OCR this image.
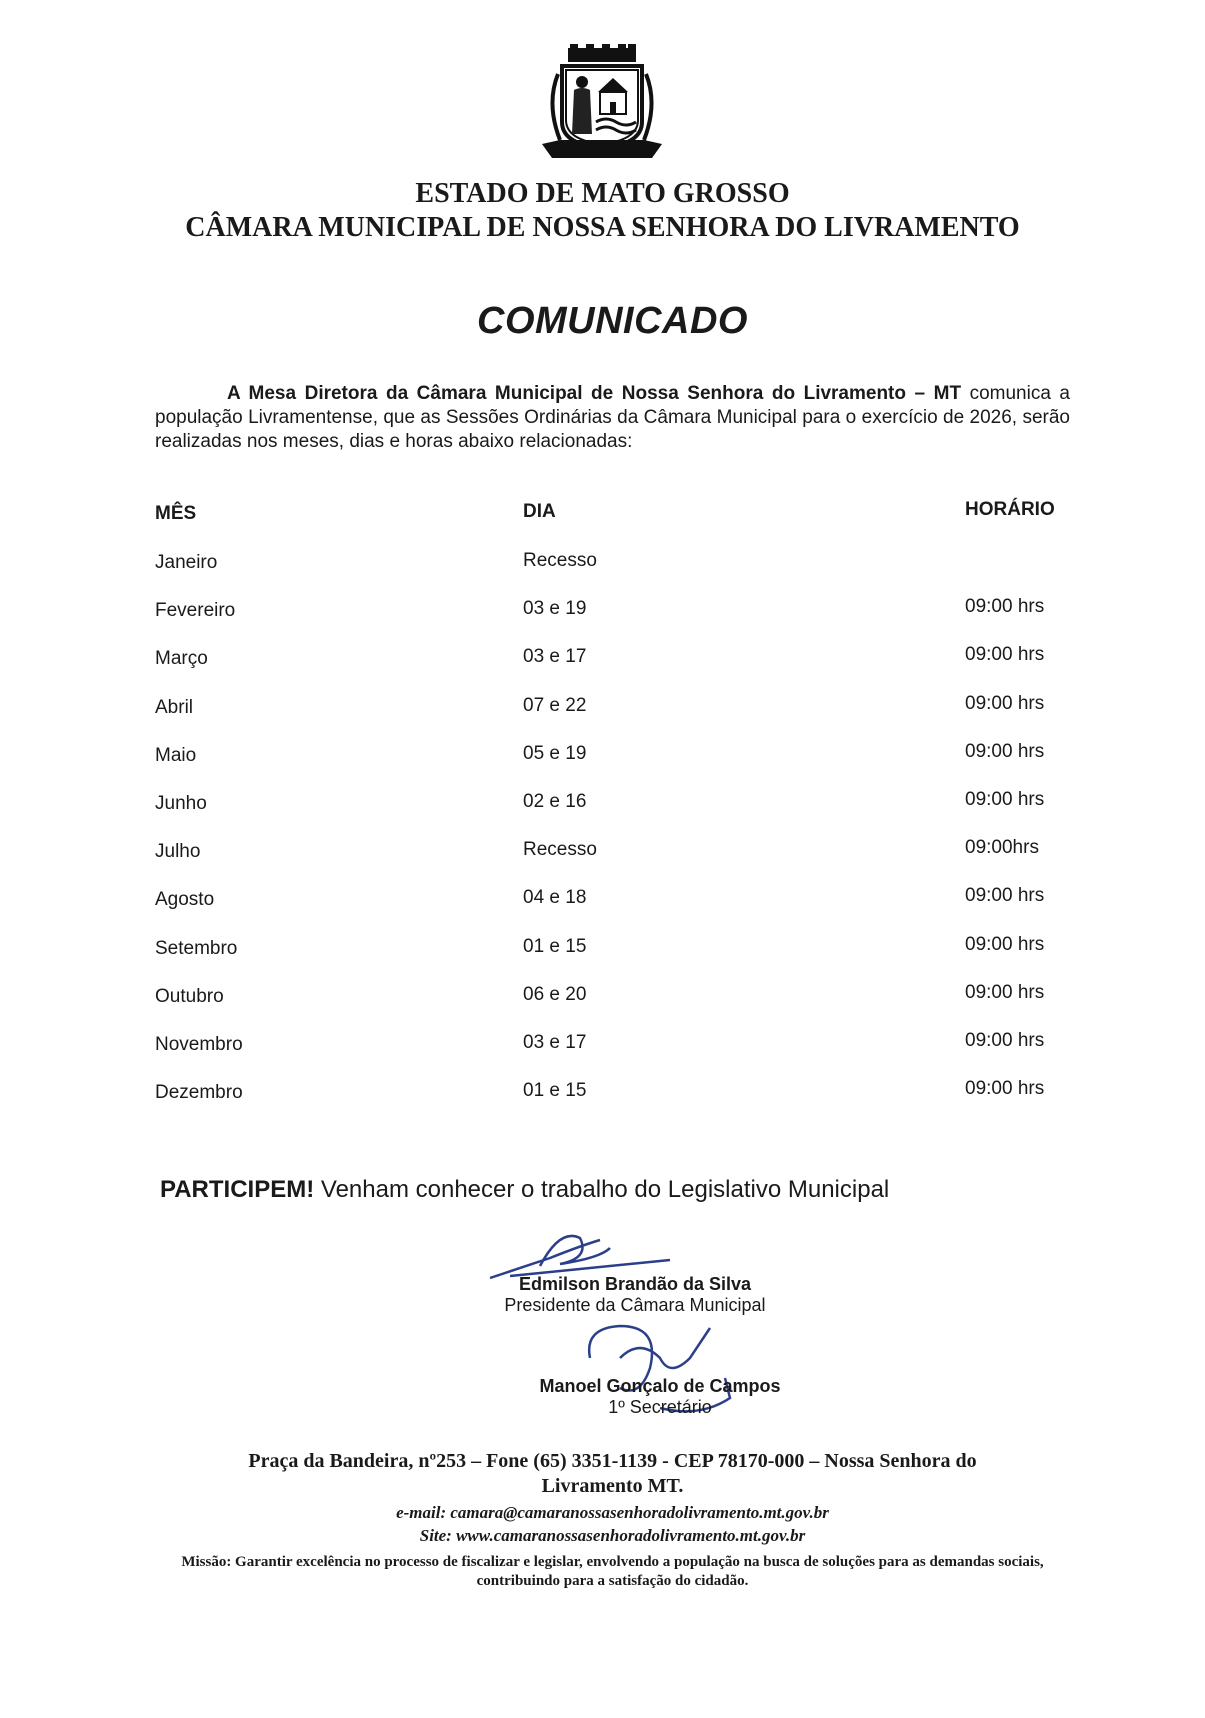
ESTADO DE MATO GROSSO
CÂMARA MUNICIPAL DE NOSSA SENHORA DO LIVRAMENTO
COMUNICADO

A Mesa Diretora da Câmara Municipal de Nossa Senhora do Livramento – MT comunica a população Livramentense, que as Sessões Ordinárias da Câmara Municipal para o exercício de 2026, serão realizadas nos meses, dias e horas abaixo relacionadas:

MÊS	DIA	HORÁRIO
Janeiro	Recesso
Fevereiro	03 e 19	09:00 hrs
Março	03 e 17	09:00 hrs
Abril	07 e 22	09:00 hrs
Maio	05 e 19	09:00 hrs
Junho	02 e 16	09:00 hrs
Julho	Recesso	09:00hrs
Agosto	04 e 18	09:00 hrs
Setembro	01 e 15	09:00 hrs
Outubro	06 e 20	09:00 hrs
Novembro	03 e 17	09:00 hrs
Dezembro	01 e 15	09:00 hrs
PARTICIPEM! Venham conhecer o trabalho do Legislativo Municipal
Edmilson Brandão da Silva
Presidente da Câmara Municipal
Manoel Gonçalo de Campos
1º Secretário
Praça da Bandeira, nº253 – Fone (65) 3351-1139 - CEP 78170-000 – Nossa Senhora do
Livramento MT.
e-mail: camara@camaranossasenhoradolivramento.mt.gov.br
Site: www.camaranossasenhoradolivramento.mt.gov.br
Missão: Garantir excelência no processo de fiscalizar e legislar, envolvendo a população na busca de soluções para as demandas sociais, contribuindo para a satisfação do cidadão.
